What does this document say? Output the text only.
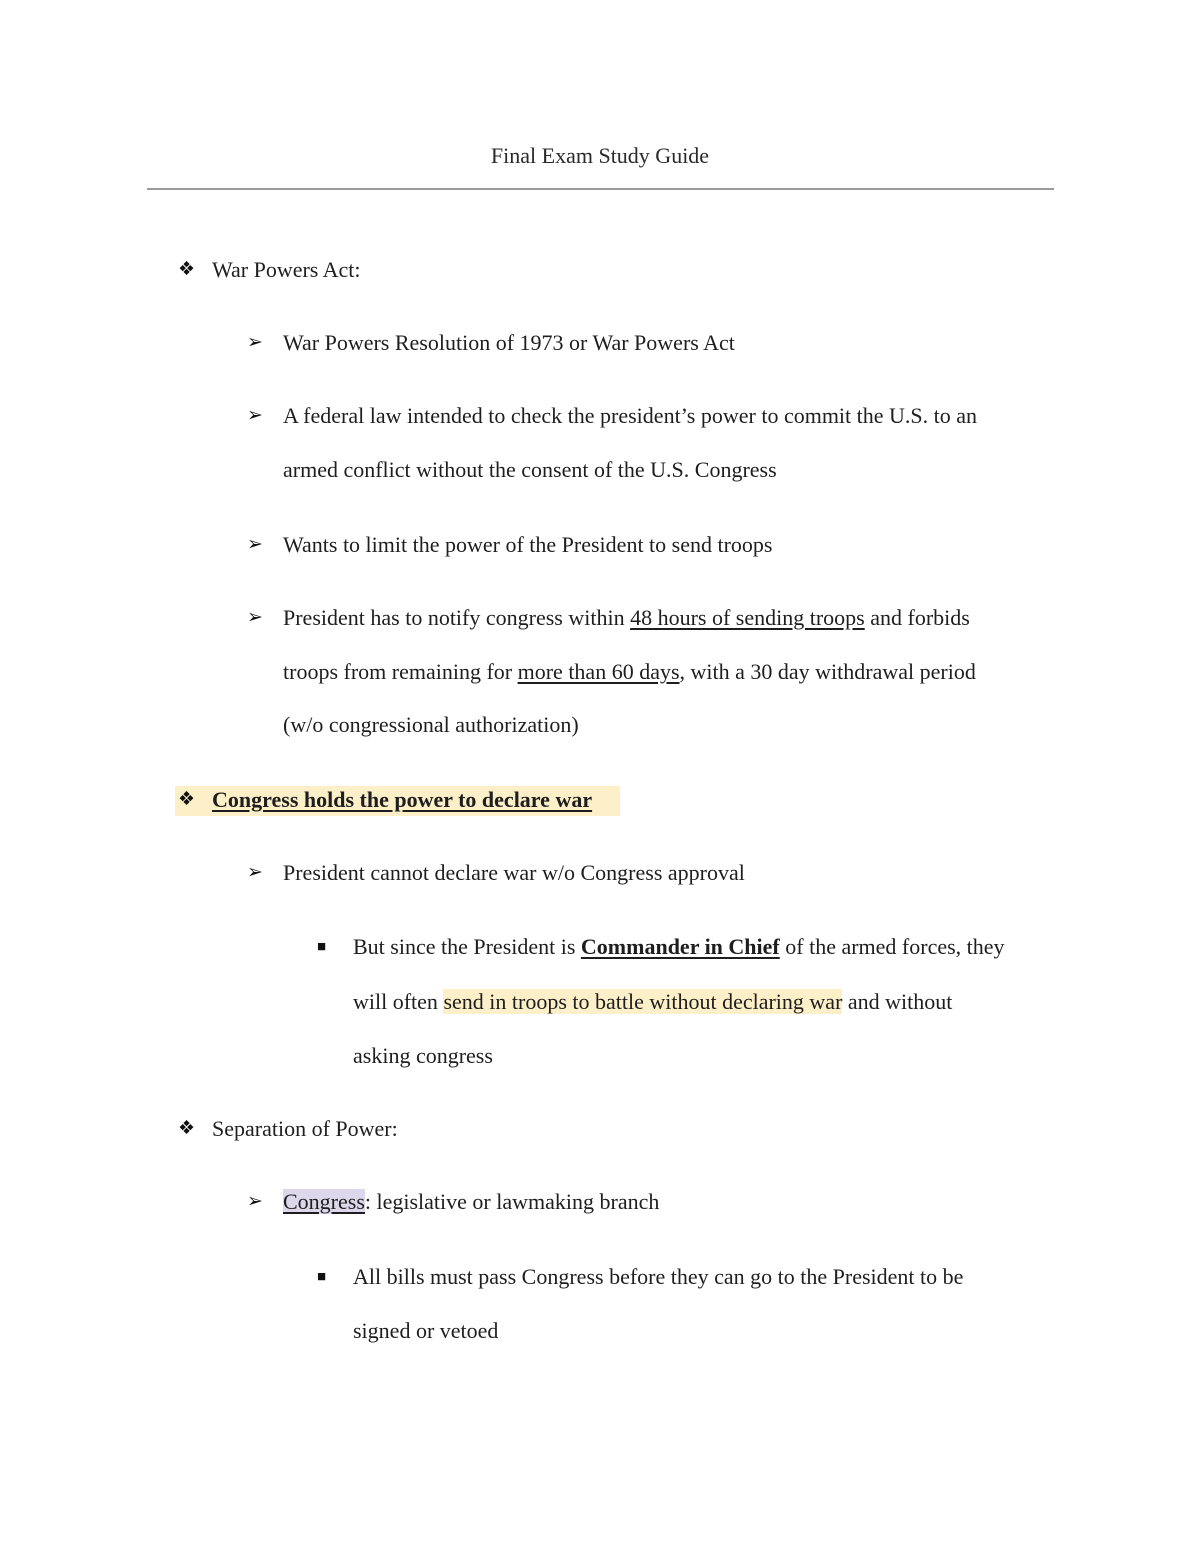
Final Exam Study Guide
❖ War Powers Act:
➢ War Powers Resolution of 1973 or War Powers Act
➢ A federal law intended to check the president’s power to commit the U.S. to an
armed conflict without the consent of the U.S. Congress
➢ Wants to limit the power of the President to send troops
➢ President has to notify congress within 48 hours of sending troops and forbids
troops from remaining for more than 60 days, with a 30 day withdrawal period
(w/o congressional authorization)
❖ Congress holds the power to declare war
➢ President cannot declare war w/o Congress approval
■ But since the President is Commander in Chief of the armed forces, they
will often send in troops to battle without declaring war and without
asking congress
❖ Separation of Power:
➢ Congress: legislative or lawmaking branch
■ All bills must pass Congress before they can go to the President to be
signed or vetoed
